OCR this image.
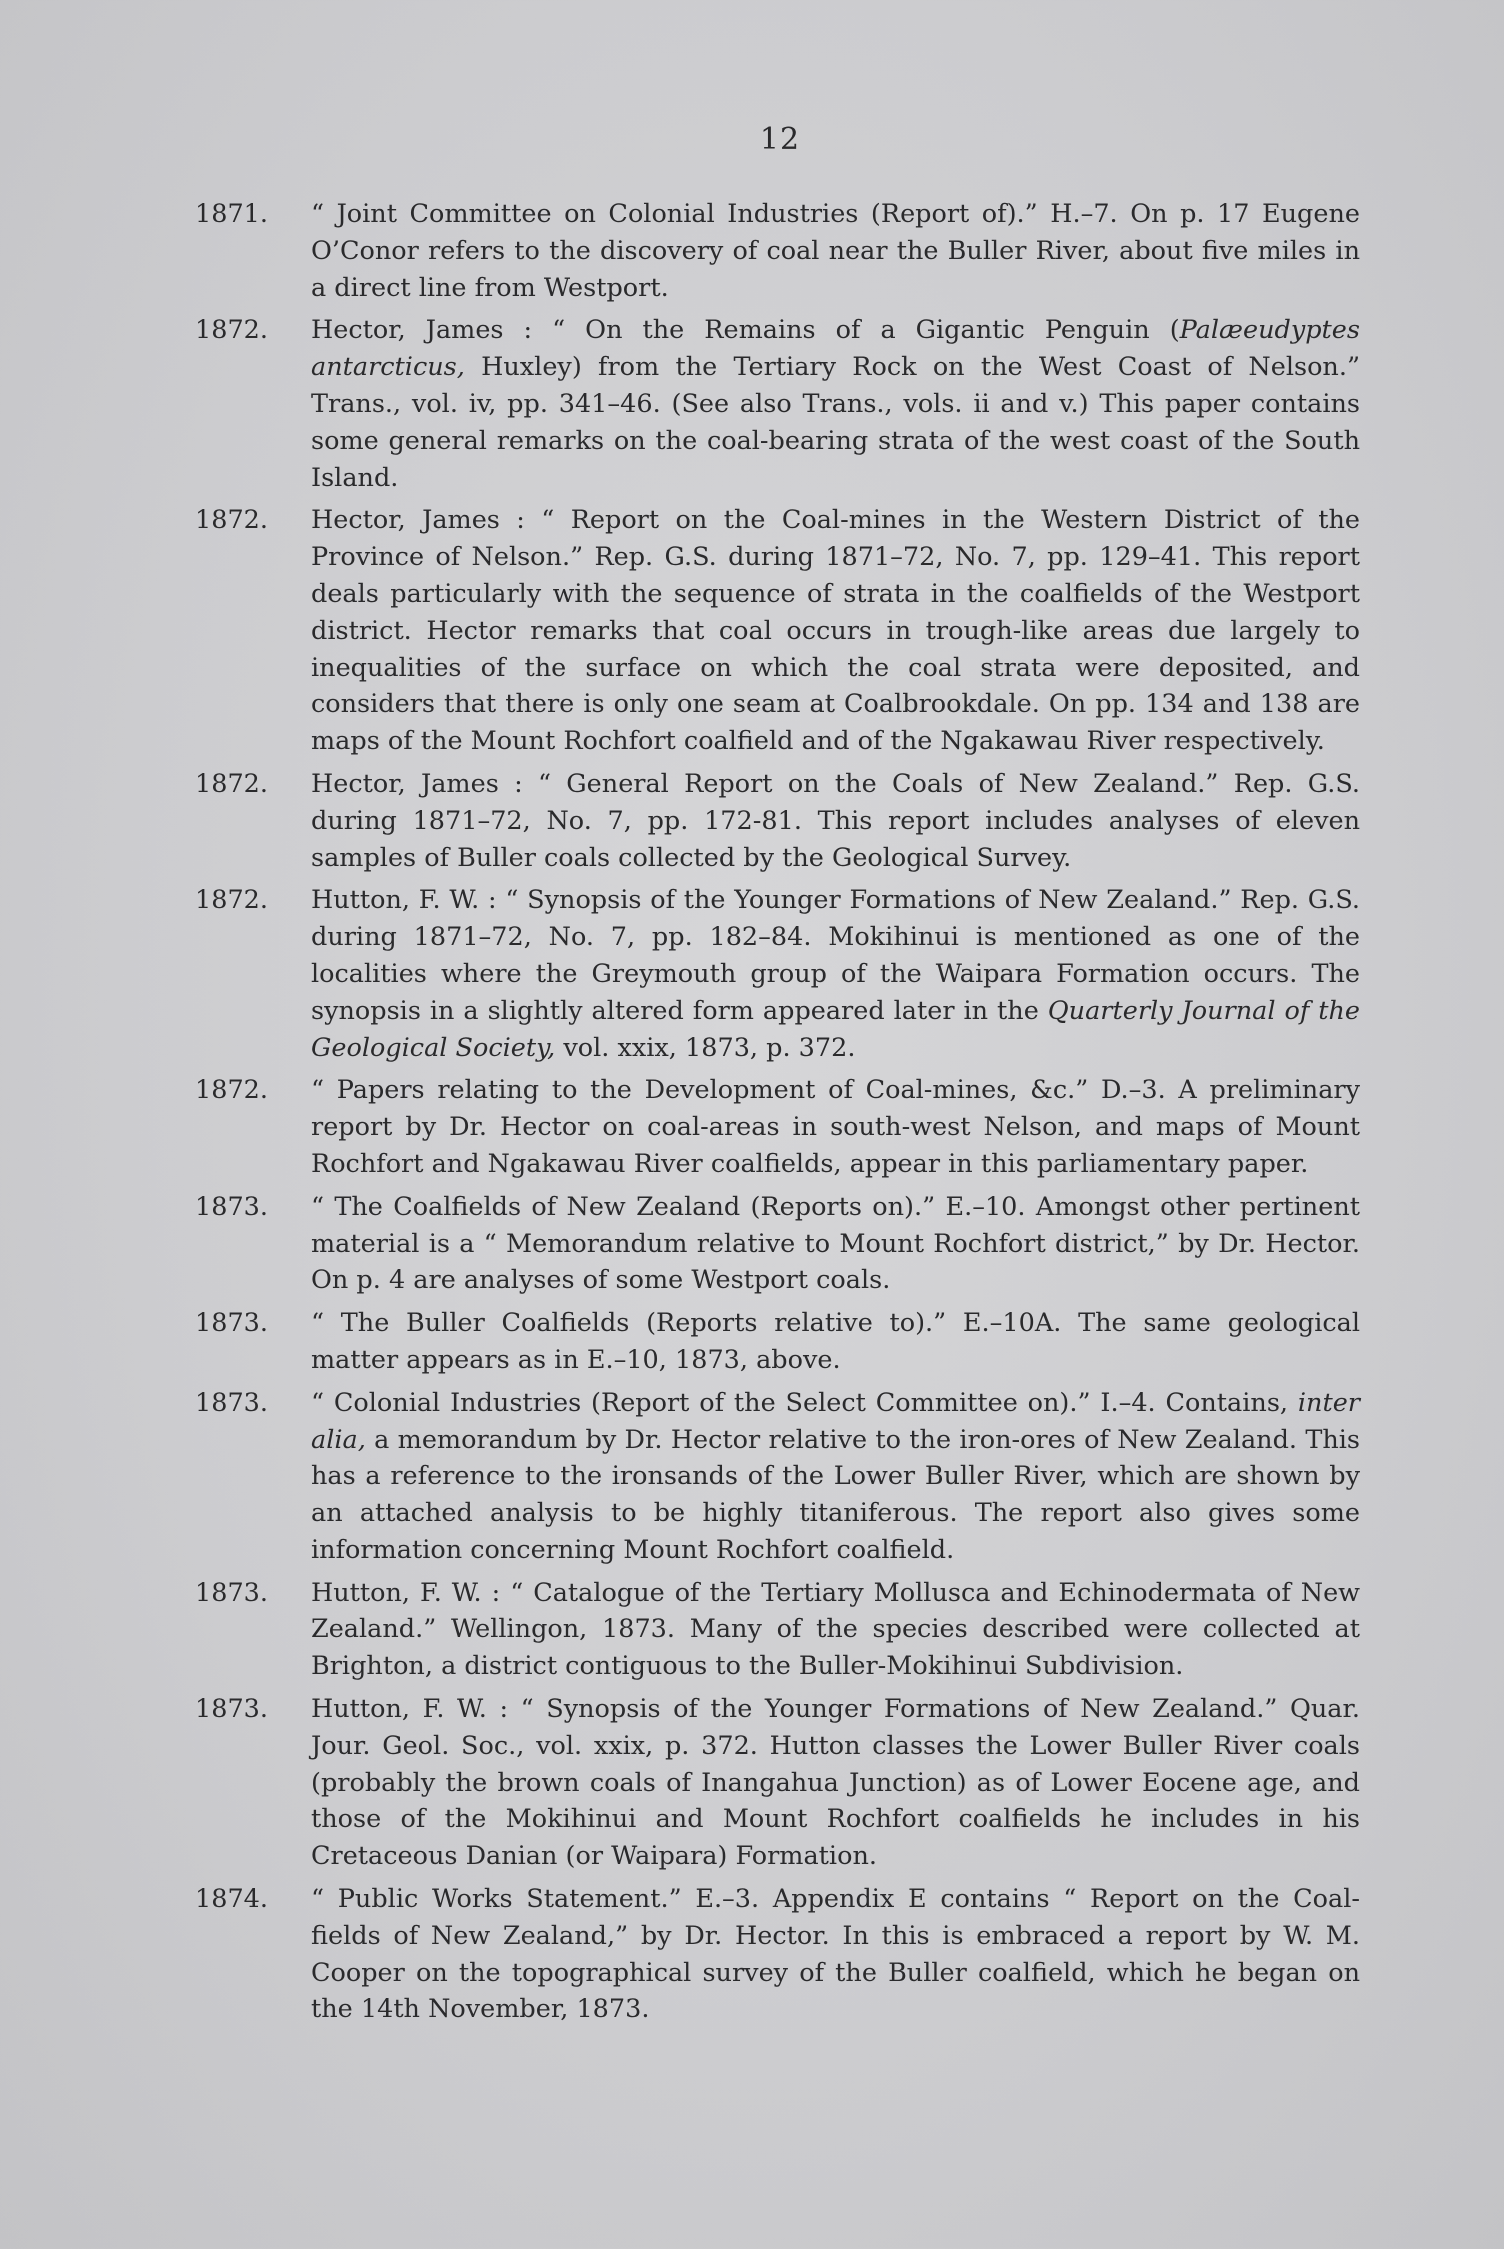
12
1871. “ Joint Committee on Colonial Industries (Report of).” H.–7. On p. 17 Eugene O’Conor refers to the discovery of coal near the Buller River, about five miles in a direct line from Westport.
1872. Hector, James : “ On the Remains of a Gigantic Penguin (Palæeudyptes antarcticus, Huxley) from the Tertiary Rock on the West Coast of Nelson.” Trans., vol. iv, pp. 341–46. (See also Trans., vols. ii and v.) This paper contains some general remarks on the coal-bearing strata of the west coast of the South Island.
1872. Hector, James : “ Report on the Coal-mines in the Western District of the Province of Nelson.” Rep. G.S. during 1871–72, No. 7, pp. 129–41. This report deals particularly with the sequence of strata in the coalfields of the Westport district. Hector remarks that coal occurs in trough-like areas due largely to inequalities of the surface on which the coal strata were deposited, and considers that there is only one seam at Coalbrookdale. On pp. 134 and 138 are maps of the Mount Rochfort coalfield and of the Ngakawau River respectively.
1872. Hector, James : “ General Report on the Coals of New Zealand.” Rep. G.S. during 1871–72, No. 7, pp. 172-81. This report includes analyses of eleven samples of Buller coals collected by the Geological Survey.
1872. Hutton, F. W. : “ Synopsis of the Younger Formations of New Zealand.” Rep. G.S. during 1871–72, No. 7, pp. 182–84. Mokihinui is mentioned as one of the localities where the Greymouth group of the Waipara Formation occurs. The synopsis in a slightly altered form appeared later in the Quarterly Journal of the Geological Society, vol. xxix, 1873, p. 372.
1872. “ Papers relating to the Development of Coal-mines, &c.” D.–3. A preliminary report by Dr. Hector on coal-areas in south-west Nelson, and maps of Mount Rochfort and Ngakawau River coalfields, appear in this parliamentary paper.
1873. “ The Coalfields of New Zealand (Reports on).” E.–10. Amongst other pertinent material is a “ Memorandum relative to Mount Rochfort district,” by Dr. Hector. On p. 4 are analyses of some Westport coals.
1873. “ The Buller Coalfields (Reports relative to).” E.–10A. The same geological matter appears as in E.–10, 1873, above.
1873. “ Colonial Industries (Report of the Select Committee on).” I.–4. Contains, inter alia, a memorandum by Dr. Hector relative to the iron-ores of New Zealand. This has a reference to the ironsands of the Lower Buller River, which are shown by an attached analysis to be highly titaniferous. The report also gives some information concerning Mount Rochfort coalfield.
1873. Hutton, F. W. : “ Catalogue of the Tertiary Mollusca and Echinodermata of New Zealand.” Wellingon, 1873. Many of the species described were collected at Brighton, a district contiguous to the Buller-Mokihinui Subdivision.
1873. Hutton, F. W. : “ Synopsis of the Younger Formations of New Zealand.” Quar. Jour. Geol. Soc., vol. xxix, p. 372. Hutton classes the Lower Buller River coals (probably the brown coals of Inangahua Junction) as of Lower Eocene age, and those of the Mokihinui and Mount Rochfort coalfields he includes in his Cretaceous Danian (or Waipara) Formation.
1874. “ Public Works Statement.” E.–3. Appendix E contains “ Report on the Coal-fields of New Zealand,” by Dr. Hector. In this is embraced a report by W. M. Cooper on the topographical survey of the Buller coalfield, which he began on the 14th November, 1873.
